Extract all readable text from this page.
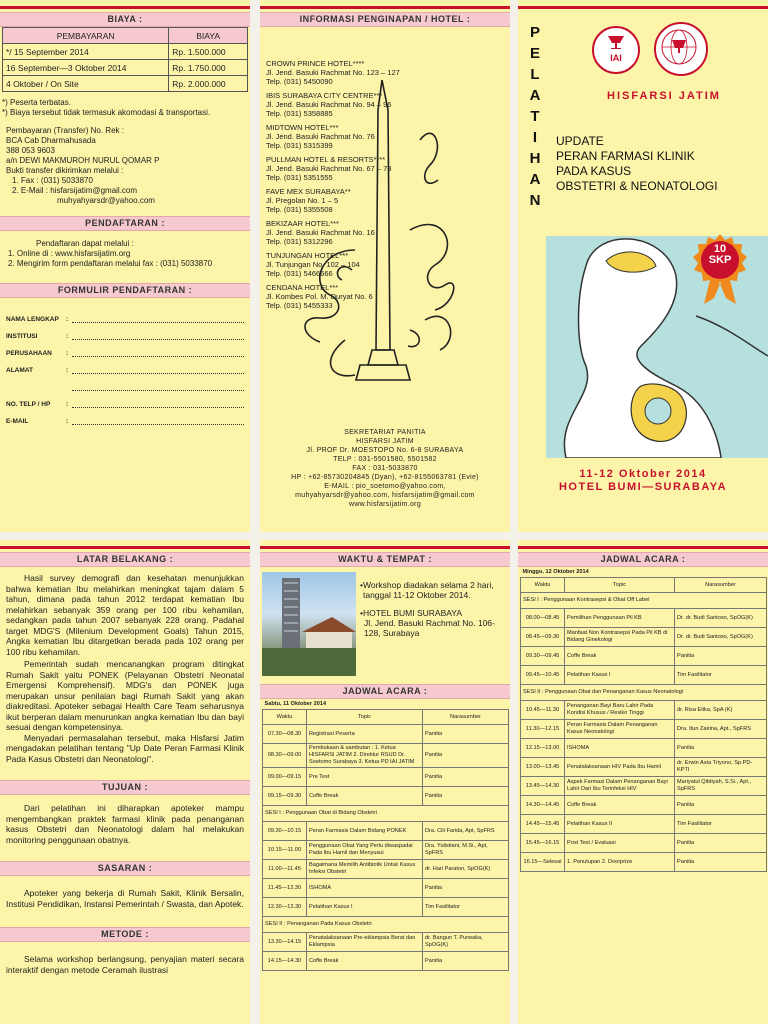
BIAYA :
PEMBAYARAN	BIAYA
*/ 15 September 2014	Rp. 1.500.000
16 September—3 Oktober 2014	Rp. 1.750.000
4 Oktober / On Site	Rp. 2.000.000
*) Peserta terbatas.
*) Biaya tersebut tidak termasuk akomodasi & transportasi.
Pembayaran (Transfer) No. Rek :
BCA Cab Dharmahusada
388 053 9603
a/n DEWI MAKMUROH NURUL QOMAR P
Bukti transfer dikirimkan melalui :
1. Fax : (031) 5033870
2. E-Mail : hisfarsijatim@gmail.com
muhyahyarsdr@yahoo.com
PENDAFTARAN :
Pendaftaran dapat melalui :
1. Online di : www.hisfarsijatim.org
2. Mengirim form pendaftaran melalui fax : (031) 5033870
FORMULIR PENDAFTARAN :
NAMA LENGKAP	:
INSTITUSI	:
PERUSAHAAN	:
ALAMAT	:

NO. TELP / HP	:
E-MAIL	:
INFORMASI PENGINAPAN / HOTEL :
CROWN PRINCE HOTEL****
Jl. Jend. Basuki Rachmat No. 123 – 127
Telp. (031) 5450090
IBIS SURABAYA CITY CENTRE***
Jl. Jend. Basuki Rachmat No. 94 – 96
Telp. (031) 5358885
MIDTOWN HOTEL***
Jl. Jend. Basuki Rachmat No. 76
Telp. (031) 5315399
PULLMAN HOTEL & RESORTS****
Jl. Jend. Basuki Rachmat No. 67 – 73
Telp. (031) 5351555
FAVE MEX SURABAYA**
Jl. Pregolan No. 1 – 5
Telp. (031) 5355508
BEKIZAAR HOTEL***
Jl. Jend. Basuki Rachmat No. 16
Telp. (031) 5312296
TUNJUNGAN HOTEL***
Jl. Tunjungan No. 102 – 104
Telp. (031) 5466666
CENDANA HOTEL***
Jl. Kombes Pol. M. Duryat No. 6
Telp. (031) 5455333
SEKRETARIAT PANITIA
HISFARSI JATIM
Jl. PROF Dr. MOESTOPO No. 6-8 SURABAYA
TELP : 031-5501580, 5501582
FAX : 031-5033870
HP : +62-85730204845 (Dyan), +62-8155063781 (Evie)
E-MAIL : pio_soetomo@yahoo.com,
muhyahyarsdr@yahoo.com, hisfarsijatim@gmail.com
www.hisfarsijatim.org
P
E
L
A
T
I
H
A
N
IAI
HISFARSI JATIM
UPDATE
PERAN FARMASI KLINIK
PADA KASUS
OBSTETRI & NEONATOLOGI
10
SKP
11-12 Oktober 2014
HOTEL BUMI—SURABAYA
LATAR BELAKANG :

Hasil survey demografi dan kesehatan menunjukkan bahwa kematian Ibu melahirkan meningkat tajam dalam 5 tahun, dimana pada tahun 2012 terdapat kematian Ibu melahirkan sebanyak 359 orang per 100 ribu kehamilan, sedangkan pada tahun 2007 sebanyak 228 orang. Padahal target MDG'S (Milenium Development Goals) Tahun 2015, Angka kematian Ibu ditargetkan berada pada 102 orang per 100 ribu kehamilan.

Pemerintah sudah mencanangkan program ditingkat Rumah Sakit yaitu PONEK (Pelayanan Obstetri Neonatal Emergensi Komprehensif). MDG's dan PONEK juga merupakan unsur penilaian bagi Rumah Sakit yang akan diakreditasi. Apoteker sebagai Health Care Team seharusnya ikut berperan dalam menurunkan angka kematian Ibu dan bayi sesuai dengan kompetensinya.

Menyadari permasalahan tersebut, maka Hisfarsi Jatim mengadakan pelatihan tentang "Up Date Peran Farmasi Klinik Pada Kasus Obstetri dan Neonatologi".

TUJUAN :

Dari pelatihan ini diharapkan apoteker mampu mengembangkan praktek farmasi klinik pada penanganan kasus Obstetri dan Neonatologi dalam hal melakukan monitoring penggunaan obatnya.

SASARAN :

Apoteker yang bekerja di Rumah Sakit, Klinik Bersalin, Institusi Pendidikan, Instansi Pemerintah / Swasta, dan Apotek.

METODE :

Selama workshop berlangsung, penyajian materi secara interaktif dengan metode Ceramah ilustrasi

WAKTU & TEMPAT :
• Workshop diadakan selama 2 hari, tanggal 11-12 Oktober 2014.
• HOTEL BUMI SURABAYA
Jl. Jend. Basuki Rachmat No. 106-128, Surabaya
JADWAL ACARA :
Sabtu, 11 Oktober 2014		
Waktu	Topic	Narasumber
07.30—08.30	Registrasi Peserta	Panitia
08.30—09.00	Pembukaan & sambutan : 1. Ketua HISFARSI JATIM 2. Direktur RSUD Dr. Soetomo Surabaya 3. Ketua PD IAI JATIM	Panitia
09.00—09.15	Pre Test	Panitia
09.15—09.30	Coffe Break	Panitia
SESI I : Penggunaan Obat di Bidang Obstetri		
09.30—10.15	Peran Farmasis Dalam Bidang PONEK	Dra. Cili Farida, Apt, SpFRS
10.15—11.00	Penggunaan Obat Yang Perlu diwaspadai Pada Ibu Hamil dan Menyusui	Dra. Yulistiani, M.Si., Apt, SpFRS
11.00—11.45	Bagaimana Memilih Antibiotik Untuk Kasus Infeksi Obstetri	dr. Hari Paraton, SpOG(K)
11.45—12.30	ISHOMA	Panitia
12.30—13.30	Pelatihan Kasus I	Tim Fasilitator
SESI II : Penanganan Pada Kasus Obstetri		
13.30—14.15	Penatalaksanaan Pre-eklampsia Berat dan Eklampsia	dr. Bangun T. Purwaka, SpOG(K)
14.15—14.30	Coffe Break	Panitia
JADWAL ACARA :
Minggu, 12 Oktober 2014		
Waktu	Topic	Narasumber
SESI I : Penggunaan Kontrasepsi & Obat Off Label		
08.00—08.45	Pemilihan Penggunaan Pil KB	Dr. dr. Budi Santoso, SpOG(K)
08.45—09.30	Manfaat Non Kontrasepsi Pada Pil KB di Bidang Ginekologi	Dr. dr. Budi Santoso, SpOG(K)
09.30—09.45	Coffe Break	Panitia
09.45—10.45	Pelatihan Kasus I	Tim Fasilitator
SESI II : Penggunaan Obat dan Penanganan Kasus Neonatologi		
10.45—11.30	Penanganan Bayi Baru Lahir Pada Kondisi Khusus / Resiko Tinggi	dr. Risa Etika, SpA (K)
11.30—12.15	Peran Farmasis Dalam Penanganan Kasus Neonatologi	Dra. Itun Zairina, Apt., SpFRS
12.15—13.00	ISHOMA	Panitia
13.00—13.45	Penatalaksanaan HIV Pada Ibu Hamil	dr. Erwin Asta Triyono, Sp.PD-KPTI
13.45—14.30	Aspek Farmasi Dalam Penanganan Bayi Lahir Dari Ibu Terinfeksi HIV	Mariyatul Qibtiyah, S.Si., Apt., SpFRS
14.30—14.45	Coffe Break	Panitia
14.45—15.45	Pelatihan Kasus II	Tim Fasilitator
15.45—16.15	Post Test / Evaluasi	Panitia
16.15—Selesai	1. Penutupan 2. Doorprize	Panitia
